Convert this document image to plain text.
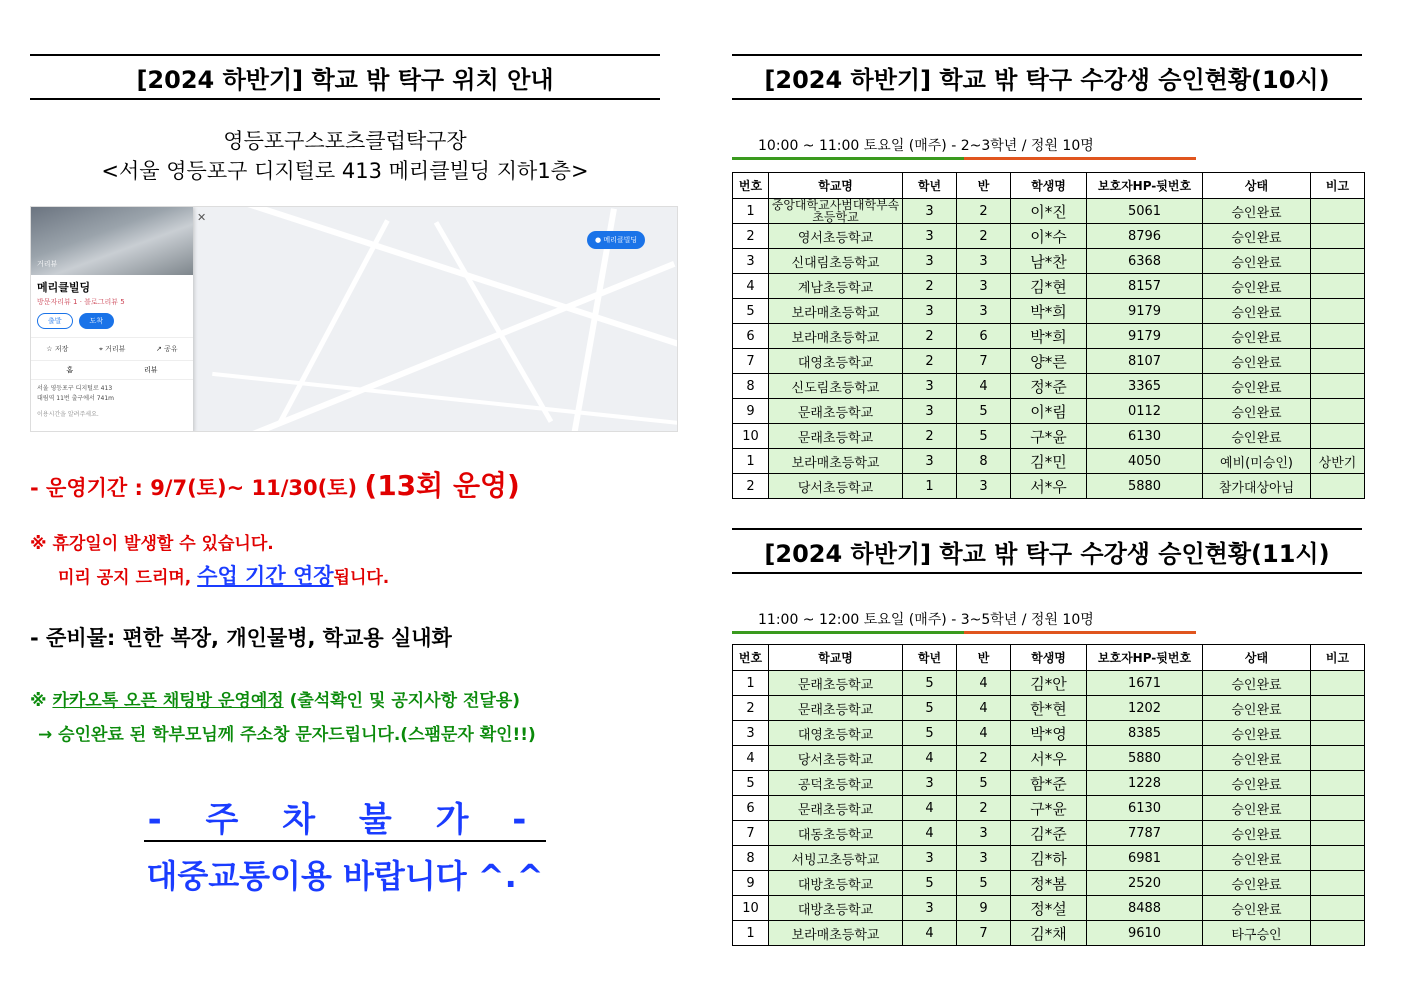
[2024 하반기] 학교 밖 탁구 위치 안내
영등포구스포츠클럽탁구장
<서울 영등포구 디지털로 413 메리클빌딩 지하1층>
✕
● 메리클빌딩
거리뷰
메리클빌딩
방문자리뷰 1 · 블로그리뷰 5
출발	도착
☆ 저장	⌖ 거리뷰	↗ 공유
홈	리뷰
서울 영등포구 디지털로 413
대림역 11번 출구에서 741m
이용시간을 알려주세요.
- 운영기간 : 9/7(토)~ 11/30(토) (13회 운영)
※ 휴강일이 발생할 수 있습니다.
미리 공지 드리며, 수업 기간 연장됩니다.
- 준비물: 편한 복장, 개인물병, 학교용 실내화
※ 카카오톡 오픈 채팅방 운영예정 (출석확인 및 공지사항 전달용)
→ 승인완료 된 학부모님께 주소창 문자드립니다.(스팸문자 확인!!)
- 주 차 불 가 -
대중교통이용 바랍니다 ^.^
[2024 하반기] 학교 밖 탁구 수강생 승인현황(10시)
10:00 ~ 11:00 토요일 (매주) - 2~3학년 / 정원 10명
번호	학교명	학년	반	학생명	보호자HP-뒷번호	상태	비고
1	중앙대학교사범대학부속초등학교	3	2	이*진	5061	승인완료	
2	영서초등학교	3	2	이*수	8796	승인완료	
3	신대림초등학교	3	3	남*찬	6368	승인완료	
4	계남초등학교	2	3	김*현	8157	승인완료	
5	보라매초등학교	3	3	박*희	9179	승인완료	
6	보라매초등학교	2	6	박*희	9179	승인완료	
7	대영초등학교	2	7	양*른	8107	승인완료	
8	신도림초등학교	3	4	정*준	3365	승인완료	
9	문래초등학교	3	5	이*림	0112	승인완료	
10	문래초등학교	2	5	구*윤	6130	승인완료	
1	보라매초등학교	3	8	김*민	4050	예비(미승인)	상반기
2	당서초등학교	1	3	서*우	5880	참가대상아님	
[2024 하반기] 학교 밖 탁구 수강생 승인현황(11시)
11:00 ~ 12:00 토요일 (매주) - 3~5학년 / 정원 10명
번호	학교명	학년	반	학생명	보호자HP-뒷번호	상태	비고
1	문래초등학교	5	4	김*안	1671	승인완료	
2	문래초등학교	5	4	한*현	1202	승인완료	
3	대영초등학교	5	4	박*영	8385	승인완료	
4	당서초등학교	4	2	서*우	5880	승인완료	
5	공덕초등학교	3	5	함*준	1228	승인완료	
6	문래초등학교	4	2	구*윤	6130	승인완료	
7	대동초등학교	4	3	김*준	7787	승인완료	
8	서빙고초등학교	3	3	김*하	6981	승인완료	
9	대방초등학교	5	5	정*봄	2520	승인완료	
10	대방초등학교	3	9	정*설	8488	승인완료	
1	보라매초등학교	4	7	김*채	9610	타구승인	
